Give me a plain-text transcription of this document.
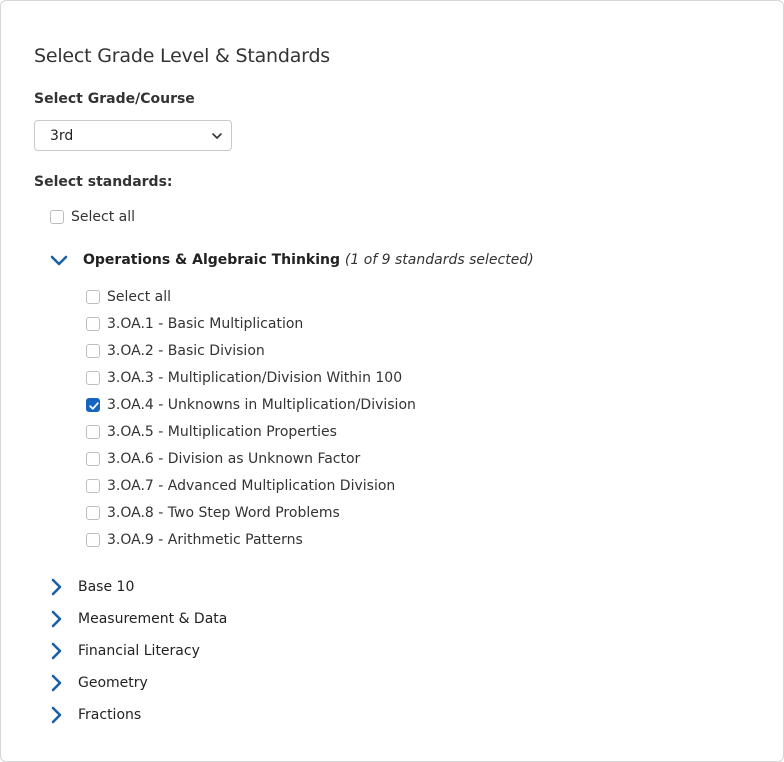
Select Grade Level & Standards
Select Grade/Course
3rd
Select standards:
Select all
Operations & Algebraic Thinking (1 of 9 standards selected)
Select all
3.OA.1 - Basic Multiplication
3.OA.2 - Basic Division
3.OA.3 - Multiplication/Division Within 100
3.OA.4 - Unknowns in Multiplication/Division
3.OA.5 - Multiplication Properties
3.OA.6 - Division as Unknown Factor
3.OA.7 - Advanced Multiplication Division
3.OA.8 - Two Step Word Problems
3.OA.9 - Arithmetic Patterns
Base 10
Measurement & Data
Financial Literacy
Geometry
Fractions
